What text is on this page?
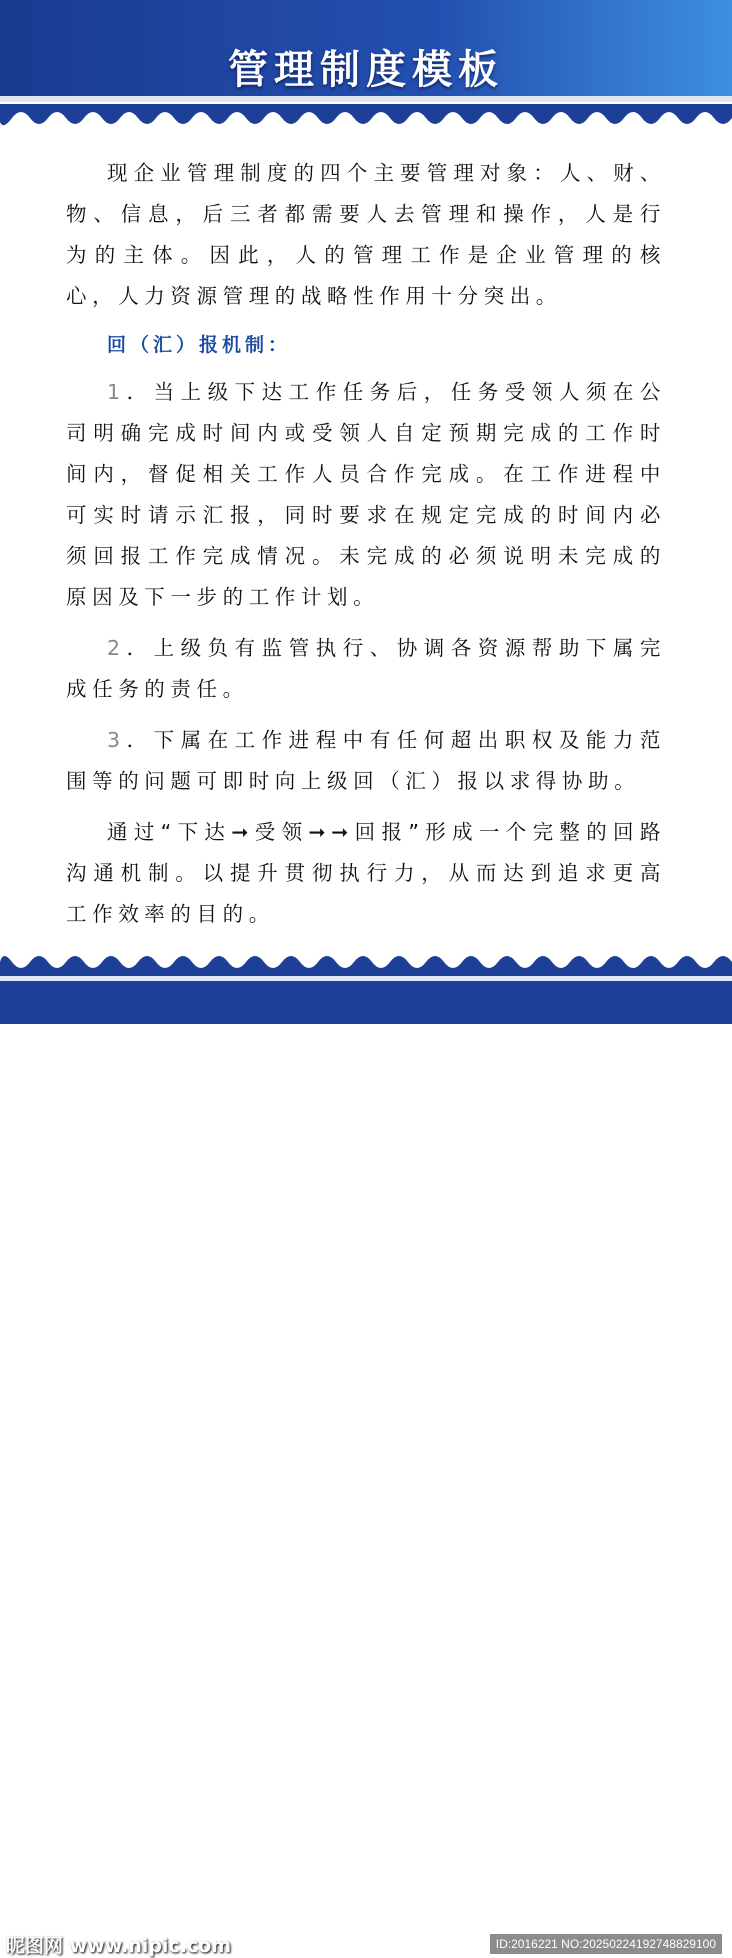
管理制度模板

现企业管理制度的四个主要管理对象：人、财、物、信息，后三者都需要人去管理和操作，人是行为的主体。因此，人的管理工作是企业管理的核心，人力资源管理的战略性作用十分突出。

回（汇）报机制：

1．当上级下达工作任务后，任务受领人须在公司明确完成时间内或受领人自定预期完成的工作时间内，督促相关工作人员合作完成。在工作进程中可实时请示汇报，同时要求在规定完成的时间内必须回报工作完成情况。未完成的必须说明未完成的原因及下一步的工作计划。

2．上级负有监管执行、协调各资源帮助下属完成任务的责任。

3．下属在工作进程中有任何超出职权及能力范围等的问题可即时向上级回（汇）报以求得协助。

通过“下达➞受领➞➞回报”形成一个完整的回路沟通机制。以提升贯彻执行力，从而达到追求更高工作效率的目的。

昵图网 www.nipic.com	ID:2016221 NO:20250224192748829100
